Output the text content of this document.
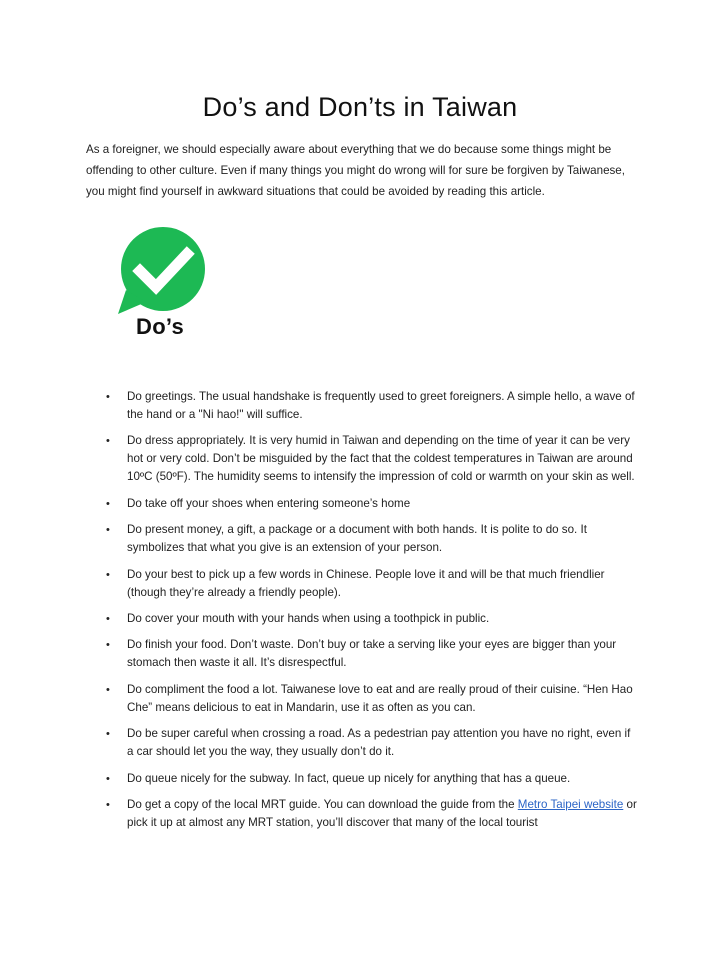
Do’s and Don’ts in Taiwan

As a foreigner, we should especially aware about everything that we do because some things might be offending to other culture. Even if many things you might do wrong will for sure be forgiven by Taiwanese, you might find yourself in awkward situations that could be avoided by reading this article.

Do’s
• Do greetings. The usual handshake is frequently used to greet foreigners. A simple hello, a wave of the hand or a "Ni hao!" will suffice.
• Do dress appropriately. It is very humid in Taiwan and depending on the time of year it can be very hot or very cold. Don’t be misguided by the fact that the coldest temperatures in Taiwan are around 10ºC (50ºF). The humidity seems to intensify the impression of cold or warmth on your skin as well.
• Do take off your shoes when entering someone’s home
• Do present money, a gift, a package or a document with both hands. It is polite to do so. It symbolizes that what you give is an extension of your person.
• Do your best to pick up a few words in Chinese. People love it and will be that much friendlier (though they’re already a friendly people).
• Do cover your mouth with your hands when using a toothpick in public.
• Do finish your food. Don’t waste. Don’t buy or take a serving like your eyes are bigger than your stomach then waste it all. It’s disrespectful.
• Do compliment the food a lot. Taiwanese love to eat and are really proud of their cuisine. “Hen Hao Che” means delicious to eat in Mandarin, use it as often as you can.
• Do be super careful when crossing a road. As a pedestrian pay attention you have no right, even if a car should let you the way, they usually don’t do it.
• Do queue nicely for the subway. In fact, queue up nicely for anything that has a queue.
• Do get a copy of the local MRT guide. You can download the guide from the Metro Taipei website or pick it up at almost any MRT station, you’ll discover that many of the local tourist
